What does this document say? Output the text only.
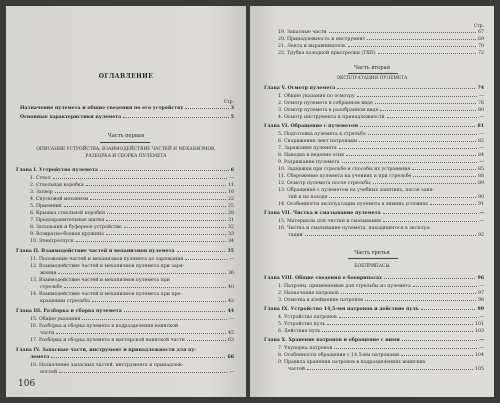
ОГЛАВЛЕНИЕ
Стр.
Назначение пулемета и общие сведения по его устройству	3
Основные характеристики пулемета	5
Часть первая
ОПИСАНИЕ УСТРОЙСТВА, ВЗАИМОДЕЙСТВИЕ ЧАСТЕЙ И МЕХАНИЗМОВ,
РАЗБОРКА И СБОРКА ПУЛЕМЕТА
Глава I. Устройство пулемета	6
1. Ствол	—
2. Ствольная коробка	11
3. Затвор	16
4. Спусковой механизм	22
5. Приемник	25
6. Крышка ствольной коробки	28
7. Предохранительные щитки	31
8. Затыльник и буферное устройство	32
9. Возвратно-боевая пружина	33
10. Электроспуск	34
Глава II. Взаимодействие частей и механизмов пулемета	35
11. Положение частей и механизмов пулемета до заряжания	—
12. Взаимодействие частей и механизмов пулемета при заря-
жании	36
13. Взаимодействие частей и механизмов пулемета при
стрельбе	40
14. Взаимодействие частей и механизмов пулемета при пре-
кращении стрельбы	42
Глава III. Разборка и сборка пулемета	44
15. Общие указания	—
16. Разборка и сборка пулемета в подразделении воинской
части	45
17. Разборка и сборка пулемета в мастерской воинской части	63
Глава IV. Запасные части, инструмент и принадлежности для пу-
лемета	66
18. Назначение запасных частей, инструмента и принадлеж-
ностей	—
106
Стр.
19. Запасные части	67
20. Принадлежность и инструмент	69
21. Лента и выравниватель	70
22. Трубка холодной пристрелки (ТХП)	72
Часть вторая
ЭКСПЛУАТАЦИЯ ПУЛЕМЕТА
Глава V. Осмотр пулемета	74
1. Общие указания по осмотру	—
2. Осмотр пулемета в собранном виде	76
3. Осмотр пулемета в разобранном виде	80
4. Осмотр инструмента и принадлежности	—
Глава VI. Обращение с пулеметом	81
5. Подготовка пулемета к стрельбе	—
6. Снаряжение лент патронами	82
7. Заряжание пулемета	—
8. Наводка и ведение огня	84
9. Разряжание пулемета	—
10. Задержки при стрельбе и способы их устранения	85
11. Сбережение пулемета на учениях и при стрельбе	88
12. Осмотр пулемета после стрельбы	89
13. Обращение с пулеметом на учебных занятиях, после заня-
тий и на походе	90
14. Особенности эксплуатации пулемета в зимних условиях	91
Глава VII. Чистка и смазывание пулемета	—
15. Материалы для чистки и смазывания	—
16. Чистка и смазывание пулемета, находящегося в эксплуа-
тации	92
Часть третья
БОЕПРИПАСЫ
Глава VIII. Общие сведения о боеприпасах	96
1. Патроны, применяемые для стрельбы из пулемета	—
2. Назначение патронов	97
3. Отметка и клеймение патронов	98
Глава IX. Устройство 14,5-мм патронов и действие пуль	99
4. Устройство патронов	—
5. Устройство пуль	101
6. Действие пуль	103
Глава X. Хранение патронов и обращение с ними	—
7. Укупорка патронов	—
8. Особенности обращения с 14,5-мм патронами	104
9. Правила хранения патронов в подразделениях воинских
частей	105
